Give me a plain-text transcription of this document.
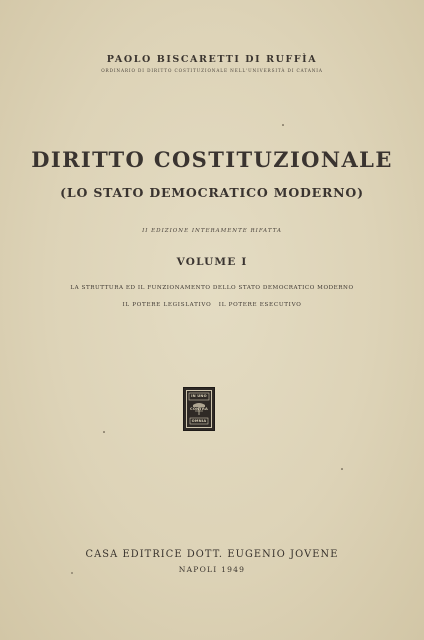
PAOLO BISCARETTI DI RUFFÌA
ORDINARIO DI DIRITTO COSTITUZIONALE NELL'UNIVERSITÀ DI CATANIA
DIRITTO COSTITUZIONALE
(LO STATO DEMOCRATICO MODERNO)
II EDIZIONE INTERAMENTE RIFATTA
VOLUME I
LA STRUTTURA ED IL FUNZIONAMENTO DELLO STATO DEMOCRATICO MODERNO
IL POTERE LEGISLATIVO   IL POTERE ESECUTIVO
IN UNO
CONTRA
OMNIA
CASA EDITRICE DOTT. EUGENIO JOVENE
NAPOLI 1949
